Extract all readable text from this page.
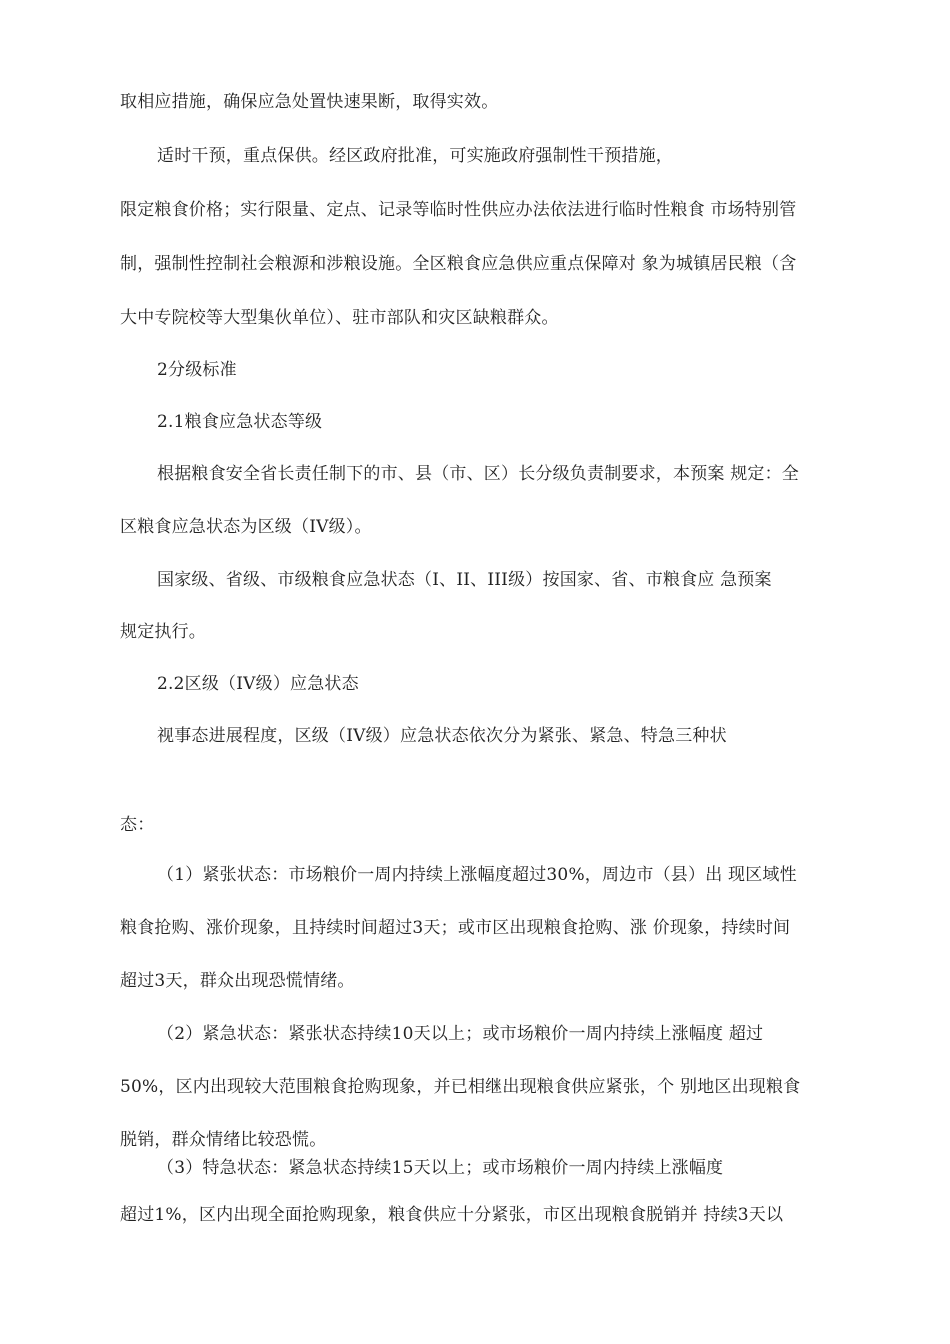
取相应措施，确保应急处置快速果断，取得实效。
适时干预，重点保供。经区政府批准，可实施政府强制性干预措施，
限定粮食价格；实行限量、定点、记录等临时性供应办法依法进行临时性粮食 市场特别管
制，强制性控制社会粮源和涉粮设施。全区粮食应急供应重点保障对 象为城镇居民粮（含
大中专院校等大型集伙单位）、驻市部队和灾区缺粮群众。
2分级标准
2.1粮食应急状态等级
根据粮食安全省长责任制下的市、县（市、区）长分级负责制要求，本预案 规定：全
区粮食应急状态为区级（IV级）。
国家级、省级、市级粮食应急状态（I、II、III级）按国家、省、市粮食应 急预案
规定执行。
2.2区级（IV级）应急状态
视事态进展程度，区级（IV级）应急状态依次分为紧张、紧急、特急三种状
态：
（1）紧张状态：市场粮价一周内持续上涨幅度超过30%，周边市（县）出 现区域性
粮食抢购、涨价现象，且持续时间超过3天；或市区出现粮食抢购、涨 价现象，持续时间
超过3天，群众出现恐慌情绪。
（2）紧急状态：紧张状态持续10天以上；或市场粮价一周内持续上涨幅度 超过
50%，区内出现较大范围粮食抢购现象，并已相继出现粮食供应紧张，个 别地区出现粮食
脱销，群众情绪比较恐慌。
（3）特急状态：紧急状态持续15天以上；或市场粮价一周内持续上涨幅度
超过1%，区内出现全面抢购现象，粮食供应十分紧张，市区出现粮食脱销并 持续3天以
